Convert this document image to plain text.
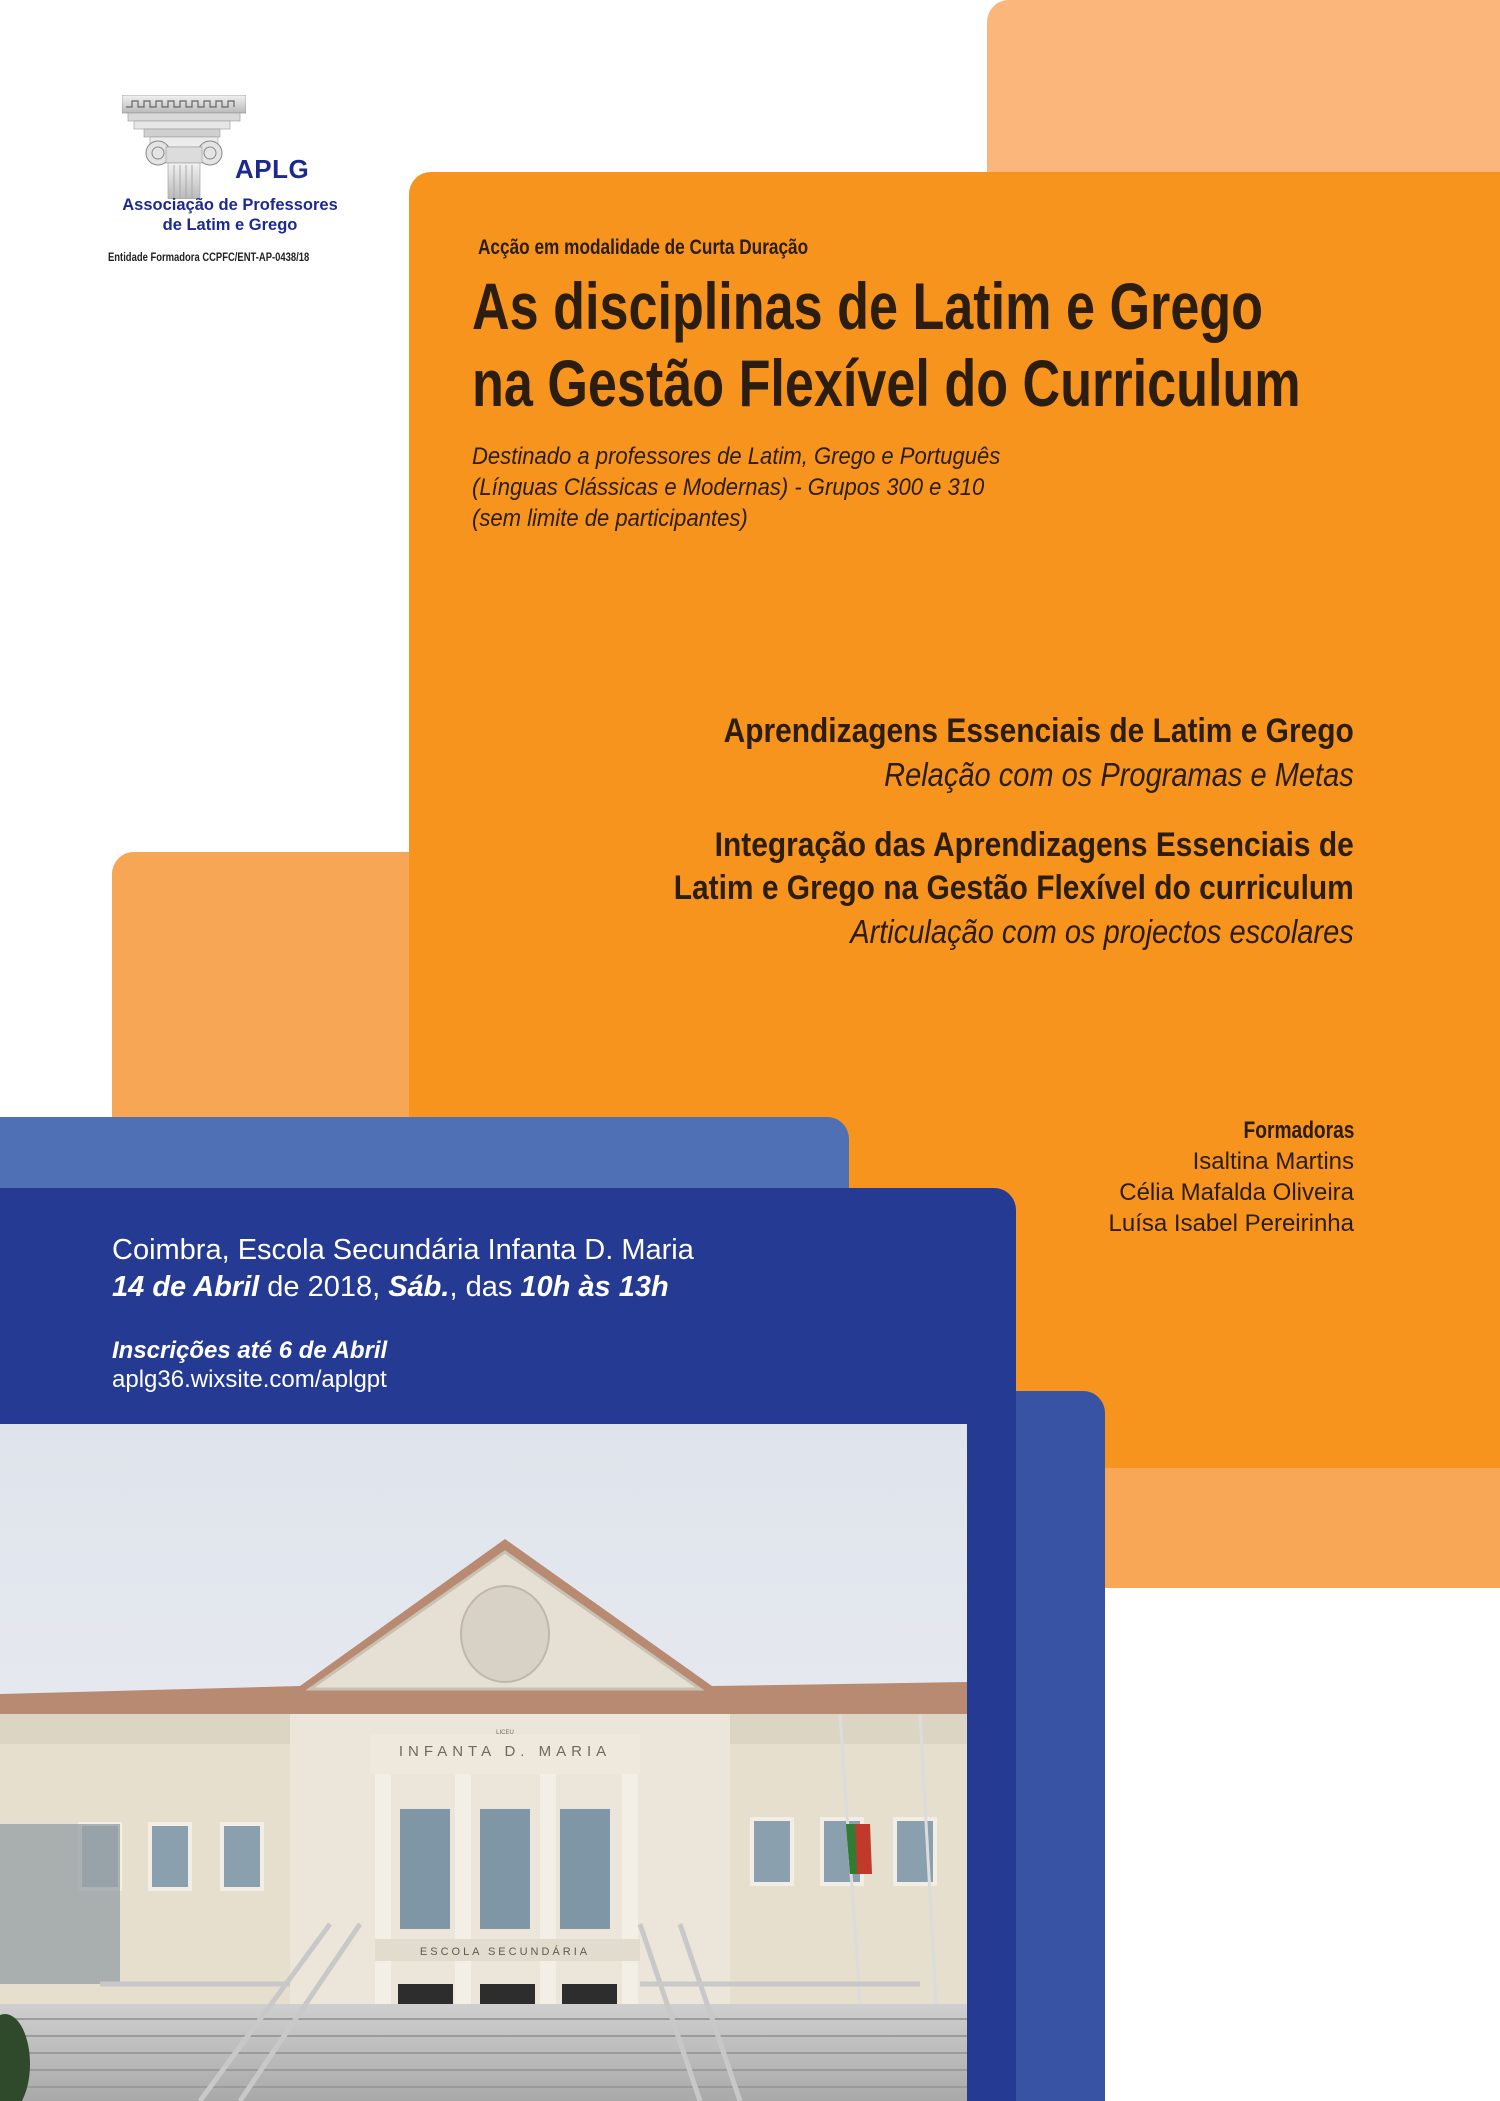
APLG
Associação de Professores
de Latim e Grego
Entidade Formadora CCPFC/ENT-AP-0438/18	Acção em modalidade de Curta Duração
As disciplinas de Latim e Grego
na Gestão Flexível do Curriculum
Destinado a professores de Latim, Grego e Português
(Línguas Clássicas e Modernas) - Grupos 300 e 310
(sem limite de participantes)
Aprendizagens Essenciais de Latim e Grego
Relação com os Programas e Metas
Integração das Aprendizagens Essenciais de
Latim e Grego na Gestão Flexível do curriculum
Articulação com os projectos escolares
Formadoras
Isaltina Martins
Célia Mafalda Oliveira
Luísa Isabel Pereirinha
Coimbra, Escola Secundária Infanta D. Maria
14 de Abril de 2018, Sáb., das 10h às 13h
Inscrições até 6 de Abril
aplg36.wixsite.com/aplgpt
INFANTA D. MARIA
LICEU
ESCOLA SECUNDÁRIA
